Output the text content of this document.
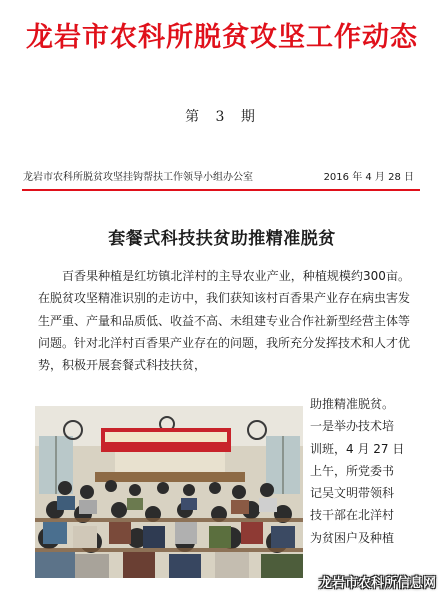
龙岩市农科所脱贫攻坚工作动态
第 3 期
龙岩市农科所脱贫攻坚挂钩帮扶工作领导小组办公室	2016 年 4 月 28 日
套餐式科技扶贫助推精准脱贫

百香果种植是红坊镇北洋村的主导农业产业，种植规模约300亩。在脱贫攻坚精准识别的走访中，我们获知该村百香果产业存在病虫害发生严重、产量和品质低、收益不高、未组建专业合作社新型经营主体等问题。针对北洋村百香果产业存在的问题，我所充分发挥技术和人才优势，积极开展套餐式科技扶贫，

助推精准脱贫。
一是举办技术培
训班，4 月 27 日
上午，所党委书
记吴文明带领科
技干部在北洋村
为贫困户及种植
龙岩市农科所信息网
